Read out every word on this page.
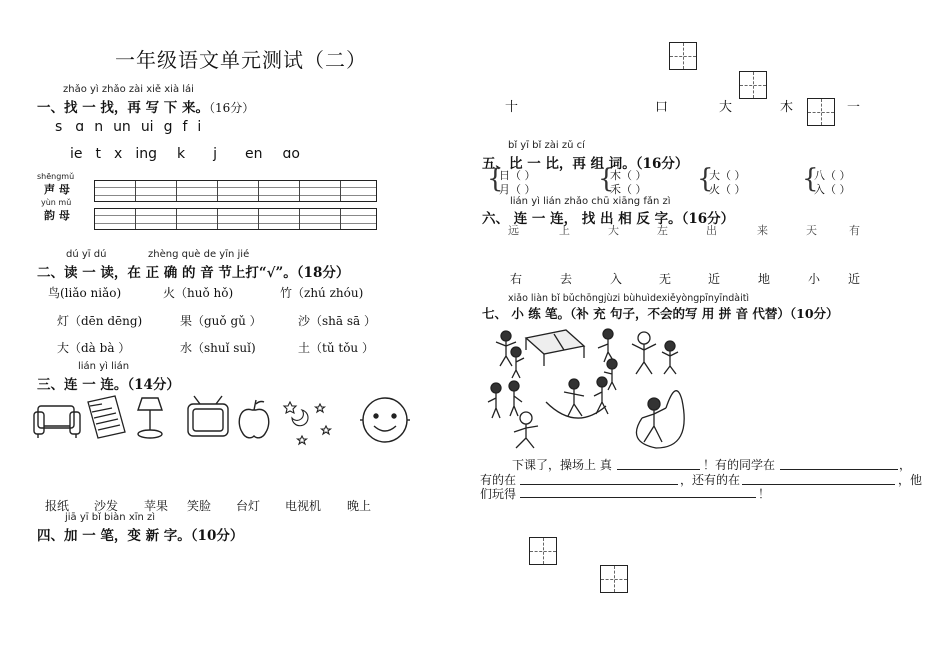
一年级语文单元测试（二）
zhǎo yì zhǎo zài xiě xià lái
一、找 一 找，再 写 下 来。（16分）
s ɑ n un ui g f i
ie t x ing k j en ɑo
shēngmǔ
声 母
yùn mǔ
韵 母
dú yī dú	zhèng què de yīn jié
二、读 一 读，在 正 确 的 音 节上打“√”。（18分）
鸟(liǎo niǎo)	火（huǒ hǒ)	竹（zhú zhóu)
灯（dēn dēng)	果（guǒ gǔ ）	沙（shā sā ）
大（dà bà ）	水（shuǐ suǐ)	土（tǔ tǒu ）
lián yì lián
三、连 一 连。（14分）
报纸 沙发 苹果 笑脸 台灯 电视机 晚上
jiā yī bǐ biàn xīn zì
四、加 一 笔，变 新 字。（10分）
十	口	大	木	一
bǐ yī bǐ zài zǔ cí
五、比 一 比，再 组 词。（16分）
{
日（ ）
月（ ） {
木（ ）
禾（ ） {
大（ ）
火（ ） {
八（ ）
入（ ）
lián yì lián zhǎo chū xiāng fǎn zì
六、 连 一 连， 找 出 相 反 字。（16分）
远	上	大	左	出	来	天	有
右	去	入	无	近	地	小 近
xiǎo liàn bǐ bǔchōngjùzi bùhuìdexiěyòngpīnyīndàitì
七、 小 练 笔。（补 充 句子，不会的写 用 拼 音 代替）（10分）
下课了，操场上 真	！有的同学在	，
有的在	，还有的在	，他
们玩得	！
